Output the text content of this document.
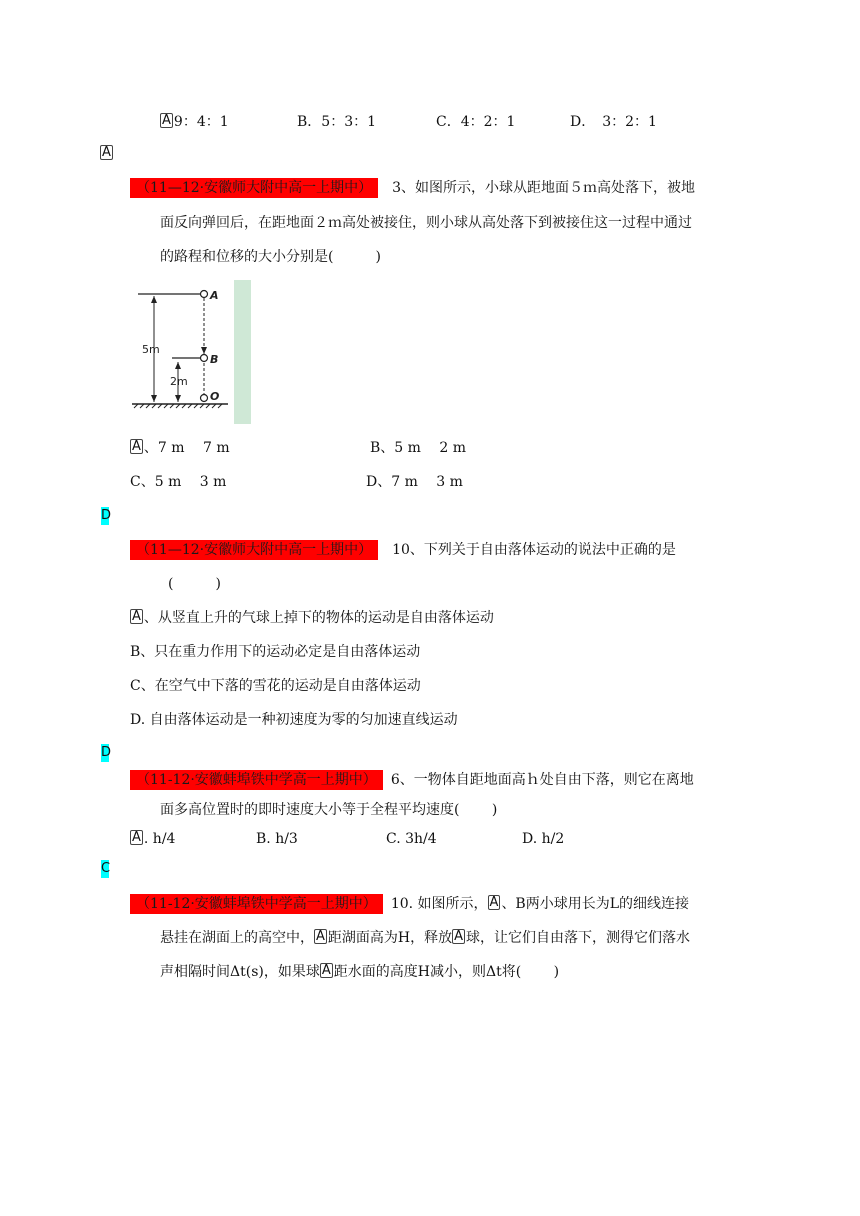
A 9：4：1	B．5：3：1	C．4：2：1	D．　3：2：1
A
（11—12·安徽师大附中高一上期中） 3、如图所示，小球从距地面５ｍ高处落下，被地
面反向弹回后，在距地面２ｍ高处被接住，则小球从高处落下到被接住这一过程中通过
的路程和位移的大小分别是(　　　)
5m
2m
A
B
O
A 、7 m　 7 m	B、5 m　 2 m
C、5 m　 3 m	D、7 m　 3 m
D
（11—12·安徽师大附中高一上期中） 10、下列关于自由落体运动的说法中正确的是
(　　　)
A 、从竖直上升的气球上掉下的物体的运动是自由落体运动
B、只在重力作用下的运动必定是自由落体运动
C、在空气中下落的雪花的运动是自由落体运动
D. 自由落体运动是一种初速度为零的匀加速直线运动
D
（11-12·安徽蚌埠铁中学高一上期中） 6、一物体自距地面高ｈ处自由下落，则它在离地
面多高位置时的即时速度大小等于全程平均速度(　　 )
A . h/4	B. h/3	C. 3h/4	D. h/2
C
（11-12·安徽蚌埠铁中学高一上期中） 10. 如图所示， A 、B两小球用长为L的细线连接
悬挂在湖面上的高空中， A 距湖面高为H，释放 A 球，让它们自由落下，测得它们落水
声相隔时间Δt(s)，如果球 A 距水面的高度H减小，则Δt将(　　 )
